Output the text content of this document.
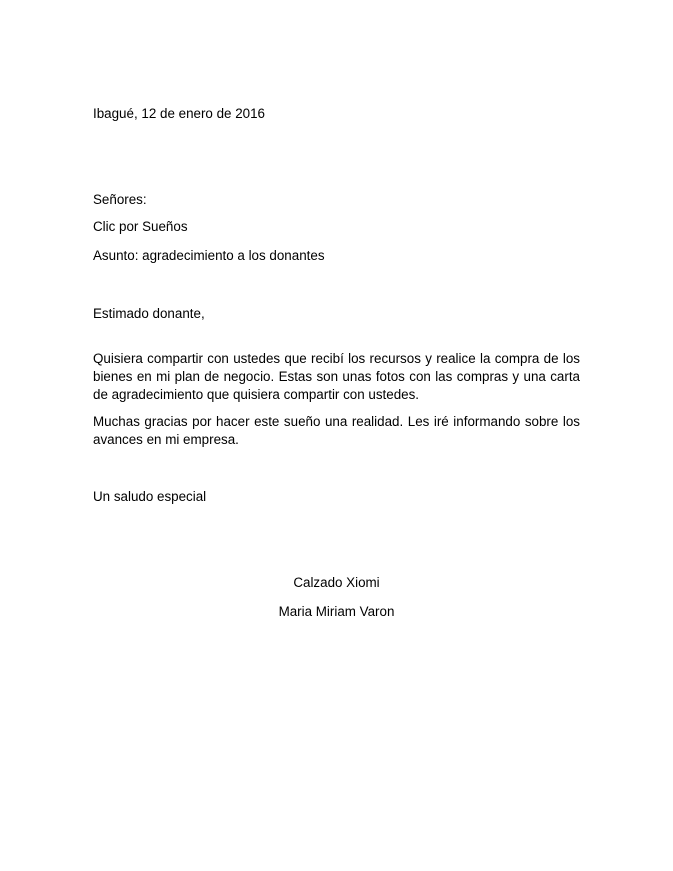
Ibagué, 12 de enero de 2016
Señores:
Clic por Sueños
Asunto: agradecimiento a los donantes
Estimado donante,
Quisiera compartir con ustedes que recibí los recursos y realice la compra de los bienes en mi plan de negocio. Estas son unas fotos con las compras y una carta de agradecimiento que quisiera compartir con ustedes.
Muchas gracias por hacer este sueño una realidad. Les iré informando sobre los avances en mi empresa.
Un saludo especial
Calzado Xiomi
Maria Miriam Varon
